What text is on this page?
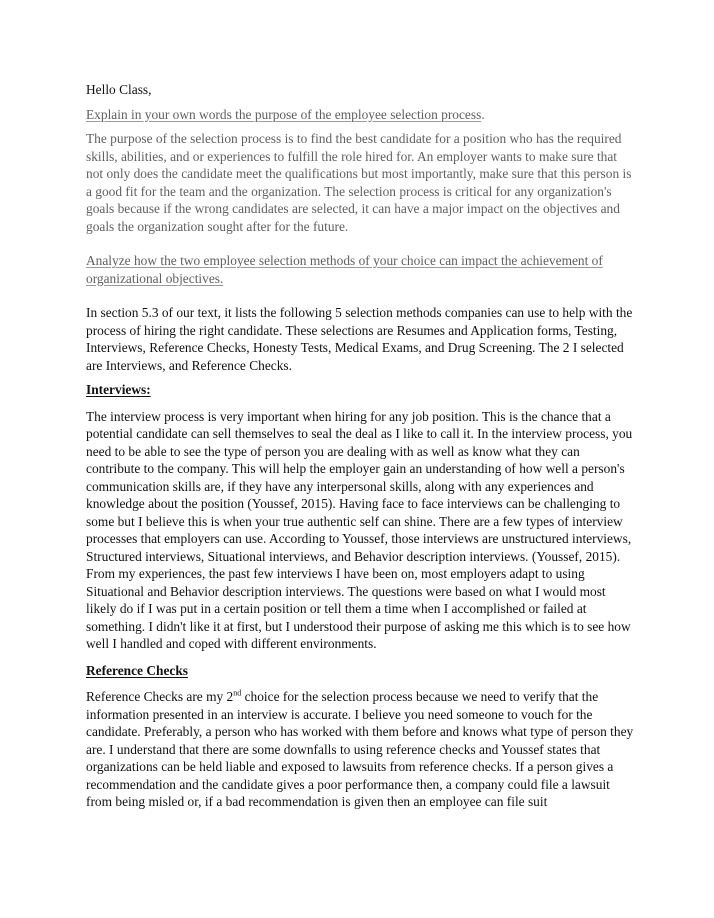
Hello Class,

Explain in your own words the purpose of the employee selection process.

The purpose of the selection process is to find the best candidate for a position who has the required skills, abilities, and or experiences to fulfill the role hired for. An employer wants to make sure that not only does the candidate meet the qualifications but most importantly, make sure that this person is a good fit for the team and the organization. The selection process is critical for any organization's goals because if the wrong candidates are selected, it can have a major impact on the objectives and goals the organization sought after for the future.

Analyze how the two employee selection methods of your choice can impact the achievement of organizational objectives.

In section 5.3 of our text, it lists the following 5 selection methods companies can use to help with the process of hiring the right candidate. These selections are Resumes and Application forms, Testing, Interviews, Reference Checks, Honesty Tests, Medical Exams, and Drug Screening. The 2 I selected are Interviews, and Reference Checks.

Interviews:

The interview process is very important when hiring for any job position. This is the chance that a potential candidate can sell themselves to seal the deal as I like to call it. In the interview process, you need to be able to see the type of person you are dealing with as well as know what they can contribute to the company. This will help the employer gain an understanding of how well a person's communication skills are, if they have any interpersonal skills, along with any experiences and knowledge about the position (Youssef, 2015). Having face to face interviews can be challenging to some but I believe this is when your true authentic self can shine. There are a few types of interview processes that employers can use. According to Youssef, those interviews are unstructured interviews, Structured interviews, Situational interviews, and Behavior description interviews. (Youssef, 2015). From my experiences, the past few interviews I have been on, most employers adapt to using Situational and Behavior description interviews. The questions were based on what I would most likely do if I was put in a certain position or tell them a time when I accomplished or failed at something. I didn't like it at first, but I understood their purpose of asking me this which is to see how well I handled and coped with different environments.

Reference Checks

Reference Checks are my 2nd choice for the selection process because we need to verify that the information presented in an interview is accurate. I believe you need someone to vouch for the candidate. Preferably, a person who has worked with them before and knows what type of person they are. I understand that there are some downfalls to using reference checks and Youssef states that organizations can be held liable and exposed to lawsuits from reference checks. If a person gives a recommendation and the candidate gives a poor performance then, a company could file a lawsuit from being misled or, if a bad recommendation is given then an employee can file suit
